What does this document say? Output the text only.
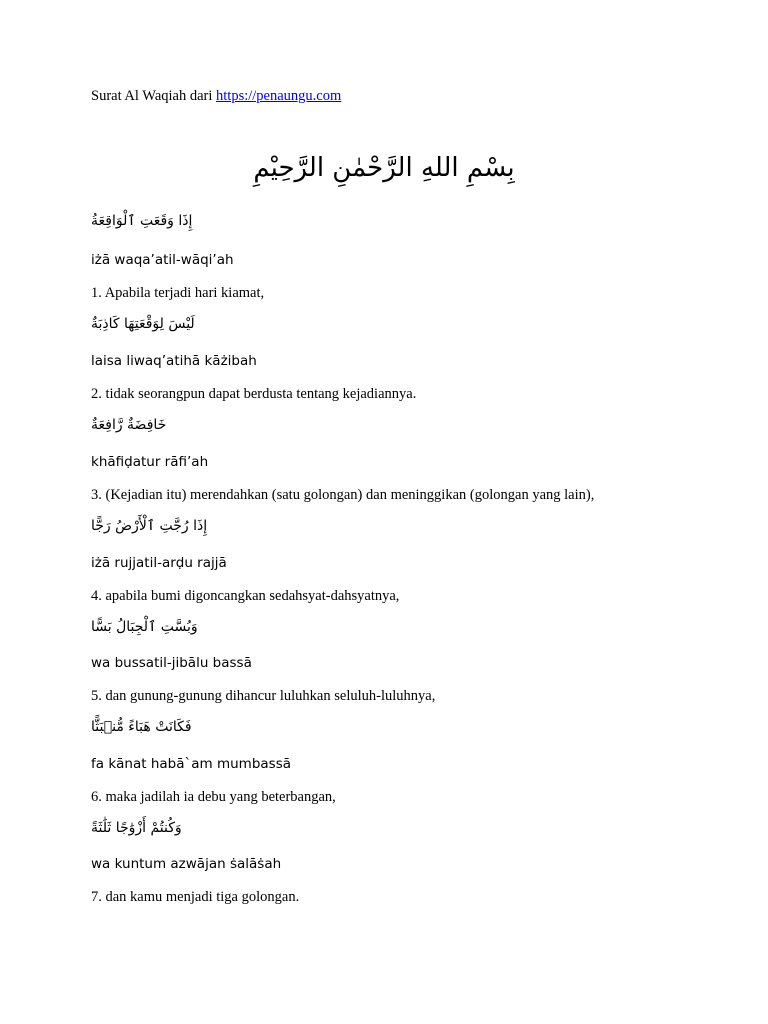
Surat Al Waqiah dari https://penaungu.com
بِسْمِ اللهِ الرَّحْمٰنِ الرَّحِيْمِ
إِذَا وَقَعَتِ ٱلْوَاقِعَةُ
iżā waqa’atil-wāqi’ah
1. Apabila terjadi hari kiamat,
لَيْسَ لِوَقْعَتِهَا كَاذِبَةٌ
laisa liwaq’atihā kāżibah
2. tidak seorangpun dapat berdusta tentang kejadiannya.
خَافِضَةٌ رَّافِعَةٌ
khāfiḍatur rāfi’ah
3. (Kejadian itu) merendahkan (satu golongan) dan meninggikan (golongan yang lain),
إِذَا رُجَّتِ ٱلْأَرْضُ رَجًّا
iżā rujjatil-arḍu rajjā
4. apabila bumi digoncangkan sedahsyat-dahsyatnya,
وَبُسَّتِ ٱلْجِبَالُ بَسًّا
wa bussatil-jibālu bassā
5. dan gunung-gunung dihancur luluhkan seluluh-luluhnya,
فَكَانَتْ هَبَاءً مُّنۢبَثًّا
fa kānat habā`am mumbassā
6. maka jadilah ia debu yang beterbangan,
وَكُنتُمْ أَزْوَٰجًا ثَلَٰثَةً
wa kuntum azwājan ṡalāṡah
7. dan kamu menjadi tiga golongan.
